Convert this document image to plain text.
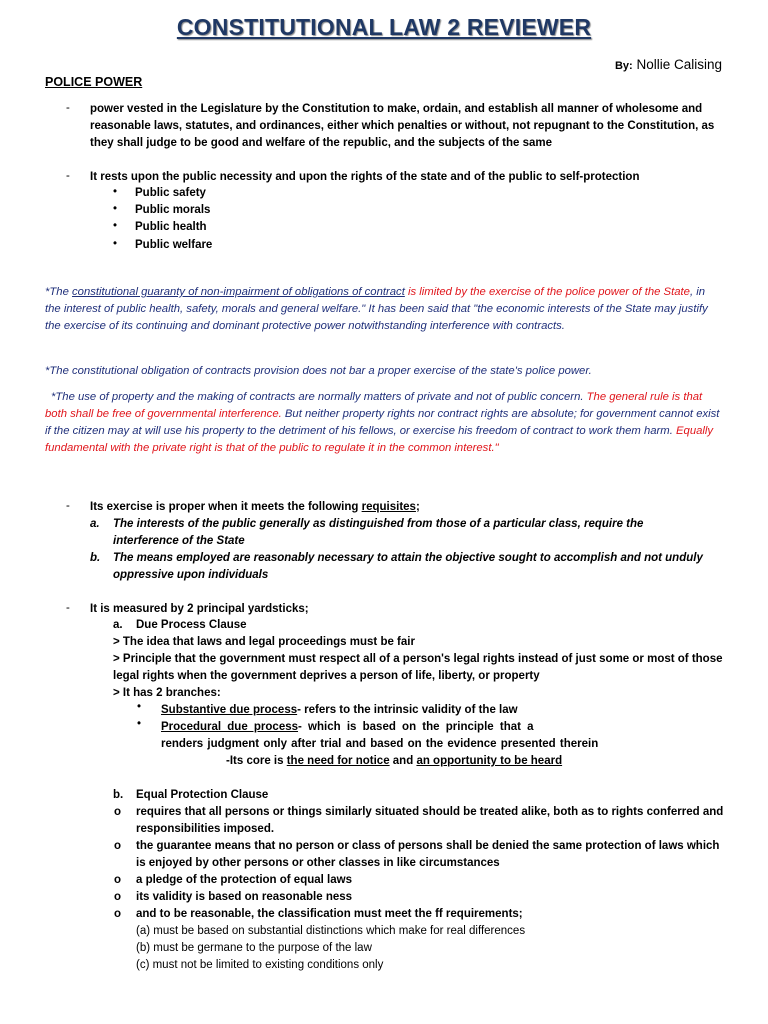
CONSTITUTIONAL LAW 2 REVIEWER
By: Nollie Calising
POLICE POWER
- power vested in the Legislature by the Constitution to make, ordain, and establish all manner of wholesome and reasonable laws, statutes, and ordinances, either which penalties or without, not repugnant to the Constitution, as they shall judge to be good and welfare of the republic, and the subjects of the same

- It rests upon the public necessity and upon the rights of the state and of the public to self-protection

• Public safety
• Public morals
• Public health
• Public welfare

*The constitutional guaranty of non-impairment of obligations of contract is limited by the exercise of the police power of the State, in the interest of public health, safety, morals and general welfare." It has been said that "the economic interests of the State may justify the exercise of its continuing and dominant protective power notwithstanding interference with contracts.

*The constitutional obligation of contracts provision does not bar a proper exercise of the state's police power.

*The use of property and the making of contracts are normally matters of private and not of public concern. The general rule is that both shall be free of governmental interference. But neither property rights nor contract rights are absolute; for government cannot exist if the citizen may at will use his property to the detriment of his fellows, or exercise his freedom of contract to work them harm. Equally fundamental with the private right is that of the public to regulate it in the common interest."

- Its exercise is proper when it meets the following requisites;

a. The interests of the public generally as distinguished from those of a particular class, require the interference of the State

b. The means employed are reasonably necessary to attain the objective sought to accomplish and not unduly oppressive upon individuals

- It is measured by 2 principal yardsticks;

a. Due Process Clause

> The idea that laws and legal proceedings must be fair

> Principle that the government must respect all of a person's legal rights instead of just some or most of those legal rights when the government deprives a person of life, liberty, or property

> It has 2 branches:

• Substantive due process- refers to the intrinsic validity of the law

• Procedural due process- which is based on the principle that a

renders judgment only after trial and based on the evidence presented therein

-Its core is the need for notice and an opportunity to be heard

b. Equal Protection Clause
o requires that all persons or things similarly situated should be treated alike, both as to rights conferred and responsibilities imposed.

o the guarantee means that no person or class of persons shall be denied the same protection of laws which is enjoyed by other persons or other classes in like circumstances

o a pledge of the protection of equal laws

o its validity is based on reasonable ness

o and to be reasonable, the classification must meet the ff requirements;

(a) must be based on substantial distinctions which make for real differences

(b) must be germane to the purpose of the law

(c) must not be limited to existing conditions only
